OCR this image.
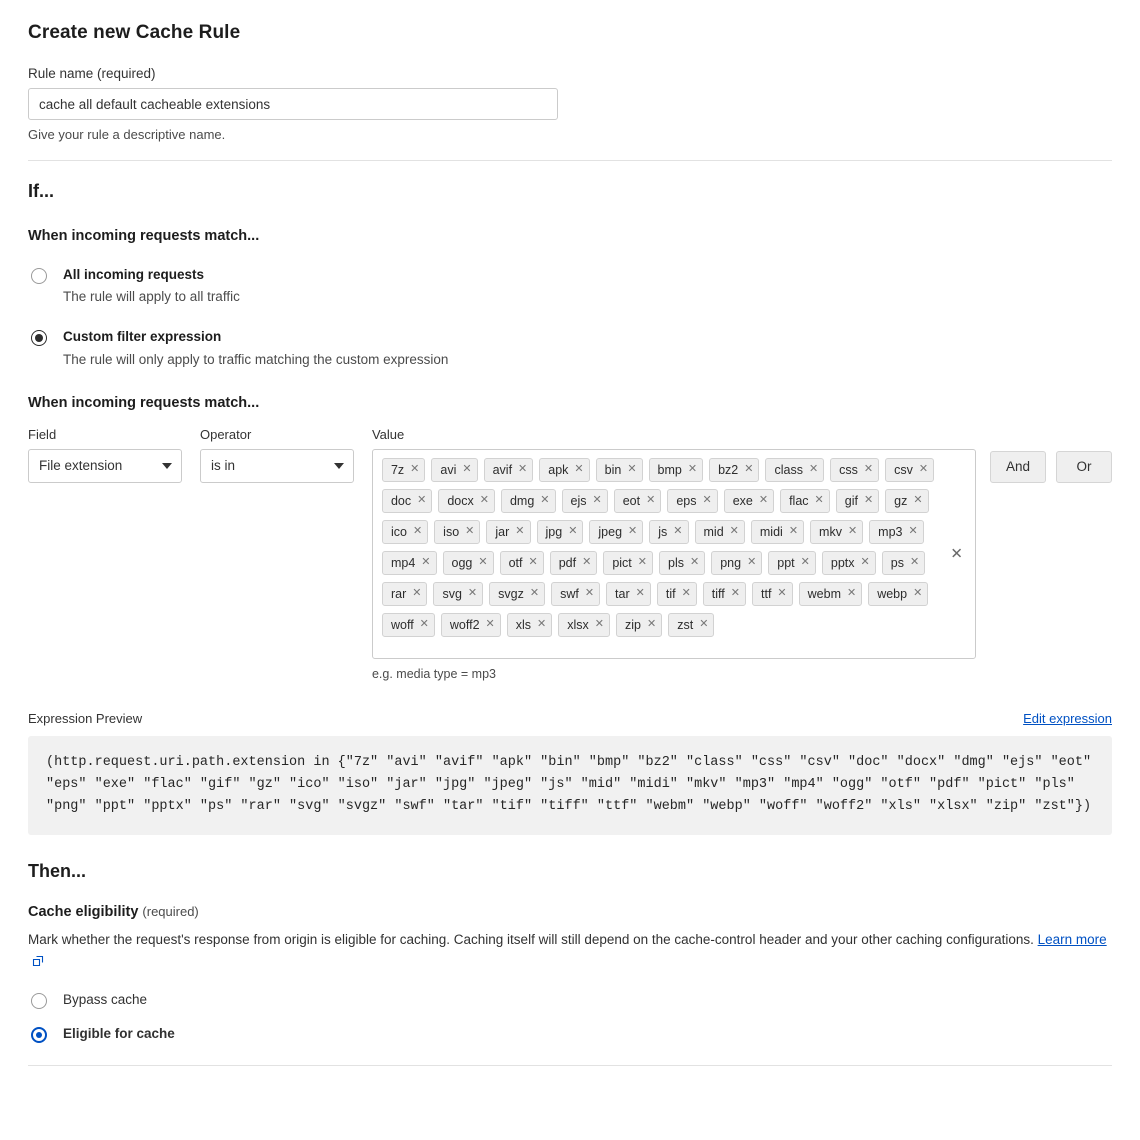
Create new Cache Rule
Rule name (required)
cache all default cacheable extensions
Give your rule a descriptive name.
If...
When incoming requests match...
All incoming requests
The rule will apply to all traffic
Custom filter expression
The rule will only apply to traffic matching the custom expression
When incoming requests match...
Field
File extension
Operator
is in
Value
7z ✕ avi ✕ avif ✕ apk ✕ bin ✕ bmp ✕ bz2 ✕ class ✕ css ✕ csv ✕
doc ✕ docx ✕ dmg ✕ ejs ✕ eot ✕ eps ✕ exe ✕ flac ✕ gif ✕ gz ✕
ico ✕ iso ✕ jar ✕ jpg ✕ jpeg ✕ js ✕ mid ✕ midi ✕ mkv ✕ mp3 ✕
mp4 ✕ ogg ✕ otf ✕ pdf ✕ pict ✕ pls ✕ png ✕ ppt ✕ pptx ✕ ps ✕
rar ✕ svg ✕ svgz ✕ swf ✕ tar ✕ tif ✕ tiff ✕ ttf ✕ webm ✕ webp ✕
woff ✕ woff2 ✕ xls ✕ xlsx ✕ zip ✕ zst ✕
✕
e.g. media type = mp3
And	Or
Expression Preview	Edit expression
(http.request.uri.path.extension in {"7z" "avi" "avif" "apk" "bin" "bmp" "bz2" "class" "css" "csv" "doc" "docx" "dmg" "ejs" "eot" "eps" "exe" "flac" "gif" "gz" "ico" "iso" "jar" "jpg" "jpeg" "js" "mid" "midi" "mkv" "mp3" "mp4" "ogg" "otf" "pdf" "pict" "pls" "png" "ppt" "pptx" "ps" "rar" "svg" "svgz" "swf" "tar" "tif" "tiff" "ttf" "webm" "webp" "woff" "woff2" "xls" "xlsx" "zip" "zst"})
Then...
Cache eligibility (required)
Mark whether the request's response from origin is eligible for caching. Caching itself will still depend on the cache-control header and your other caching configurations. Learn more
Bypass cache
Eligible for cache
